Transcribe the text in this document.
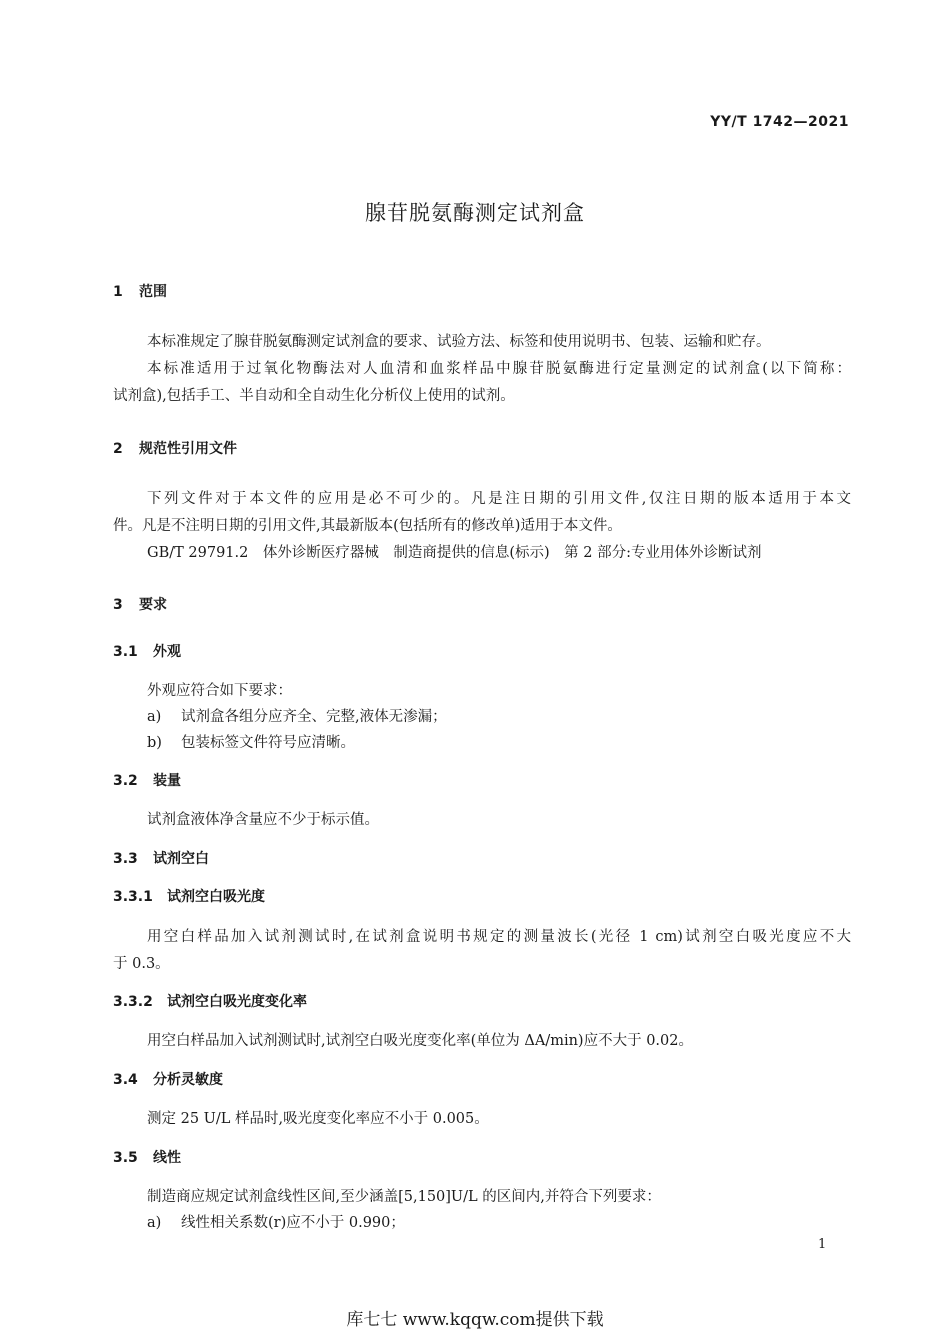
YY/T 1742—2021
腺苷脱氨酶测定试剂盒
1 范围
本标准规定了腺苷脱氨酶测定试剂盒的要求、试验方法、标签和使用说明书、包装、运输和贮存。
本标准适用于过氧化物酶法对人血清和血浆样品中腺苷脱氨酶进行定量测定的试剂盒(以下简称：
试剂盒),包括手工、半自动和全自动生化分析仪上使用的试剂。
2 规范性引用文件
下列文件对于本文件的应用是必不可少的。凡是注日期的引用文件,仅注日期的版本适用于本文
件。凡是不注明日期的引用文件,其最新版本(包括所有的修改单)适用于本文件。
GB/T 29791.2　体外诊断医疗器械　制造商提供的信息(标示)　第 2 部分:专业用体外诊断试剂
3 要求
3.1 外观
外观应符合如下要求：
a) 试剂盒各组分应齐全、完整,液体无渗漏；
b) 包装标签文件符号应清晰。
3.2 装量
试剂盒液体净含量应不少于标示值。
3.3 试剂空白
3.3.1 试剂空白吸光度
用空白样品加入试剂测试时,在试剂盒说明书规定的测量波长(光径 1 cm)试剂空白吸光度应不大
于 0.3。
3.3.2 试剂空白吸光度变化率
用空白样品加入试剂测试时,试剂空白吸光度变化率(单位为 ΔA/min)应不大于 0.02。
3.4 分析灵敏度
测定 25 U/L 样品时,吸光度变化率应不小于 0.005。
3.5 线性
制造商应规定试剂盒线性区间,至少涵盖[5,150]U/L 的区间内,并符合下列要求：
a) 线性相关系数(r)应不小于 0.990；
1
库七七 www.kqqw.com提供下载
